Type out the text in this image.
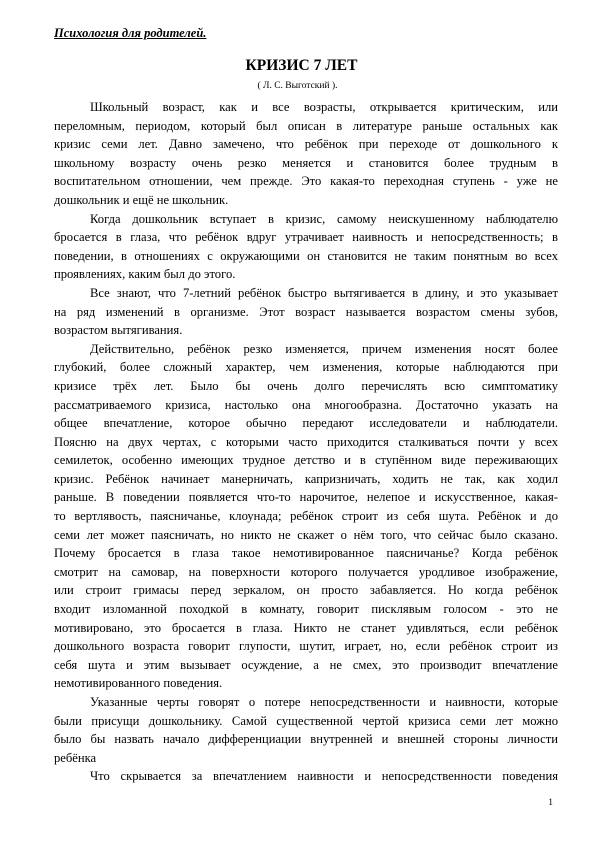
Психология для родителей.
КРИЗИС 7 ЛЕТ
( Л. С. Выготский ).
Школьный возраст, как и все возрасты, открывается критическим, или
переломным, периодом, который был описан в литературе раньше остальных как
кризис семи лет. Давно замечено, что ребёнок при переходе от дошкольного к
школьному возрасту очень резко меняется и становится более трудным в
воспитательном отношении, чем прежде. Это какая-то переходная ступень - уже не
дошкольник и ещё не школьник.
Когда дошкольник вступает в кризис, самому неискушенному наблюдателю
бросается в глаза, что ребёнок вдруг утрачивает наивность и непосредственность; в
поведении, в отношениях с окружающими он становится не таким понятным во всех
проявлениях, каким был до этого.
Все знают, что 7-летний ребёнок быстро вытягивается в длину, и это указывает
на ряд изменений в организме. Этот возраст называется возрастом смены зубов,
возрастом вытягивания.
Действительно, ребёнок резко изменяется, причем изменения носят более
глубокий, более сложный характер, чем изменения, которые наблюдаются при
кризисе трёх лет. Было бы очень долго перечислять всю симптоматику
рассматриваемого кризиса, настолько она многообразна. Достаточно указать на
общее впечатление, которое обычно передают исследователи и наблюдатели.
Поясню на двух чертах, с которыми часто приходится сталкиваться почти у всех
семилеток, особенно имеющих трудное детство и в ступённом виде переживающих
кризис. Ребёнок начинает манерничать, капризничать, ходить не так, как ходил
раньше. В поведении появляется что-то нарочитое, нелепое и искусственное, какая-
то вертлявость, паясничанье, клоунада; ребёнок строит из себя шута. Ребёнок и до
семи лет может паясничать, но никто не скажет о нём того, что сейчас было сказано.
Почему бросается в глаза такое немотивированное паясничанье? Когда ребёнок
смотрит на самовар, на поверхности которого получается уродливое изображение,
или строит гримасы перед зеркалом, он просто забавляется. Но когда ребёнок
входит изломанной походкой в комнату, говорит писклявым голосом - это не
мотивировано, это бросается в глаза. Никто не станет удивляться, если ребёнок
дошкольного возраста говорит глупости, шутит, играет, но, если ребёнок строит из
себя шута и этим вызывает осуждение, а не смех, это производит впечатление
немотивированного поведения.
Указанные черты говорят о потере непосредственности и наивности, которые
были присущи дошкольнику. Самой существенной чертой кризиса семи лет можно
было бы назвать начало дифференциации внутренней и внешней стороны личности
ребёнка
Что скрывается за впечатлением наивности и непосредственности поведения
1
